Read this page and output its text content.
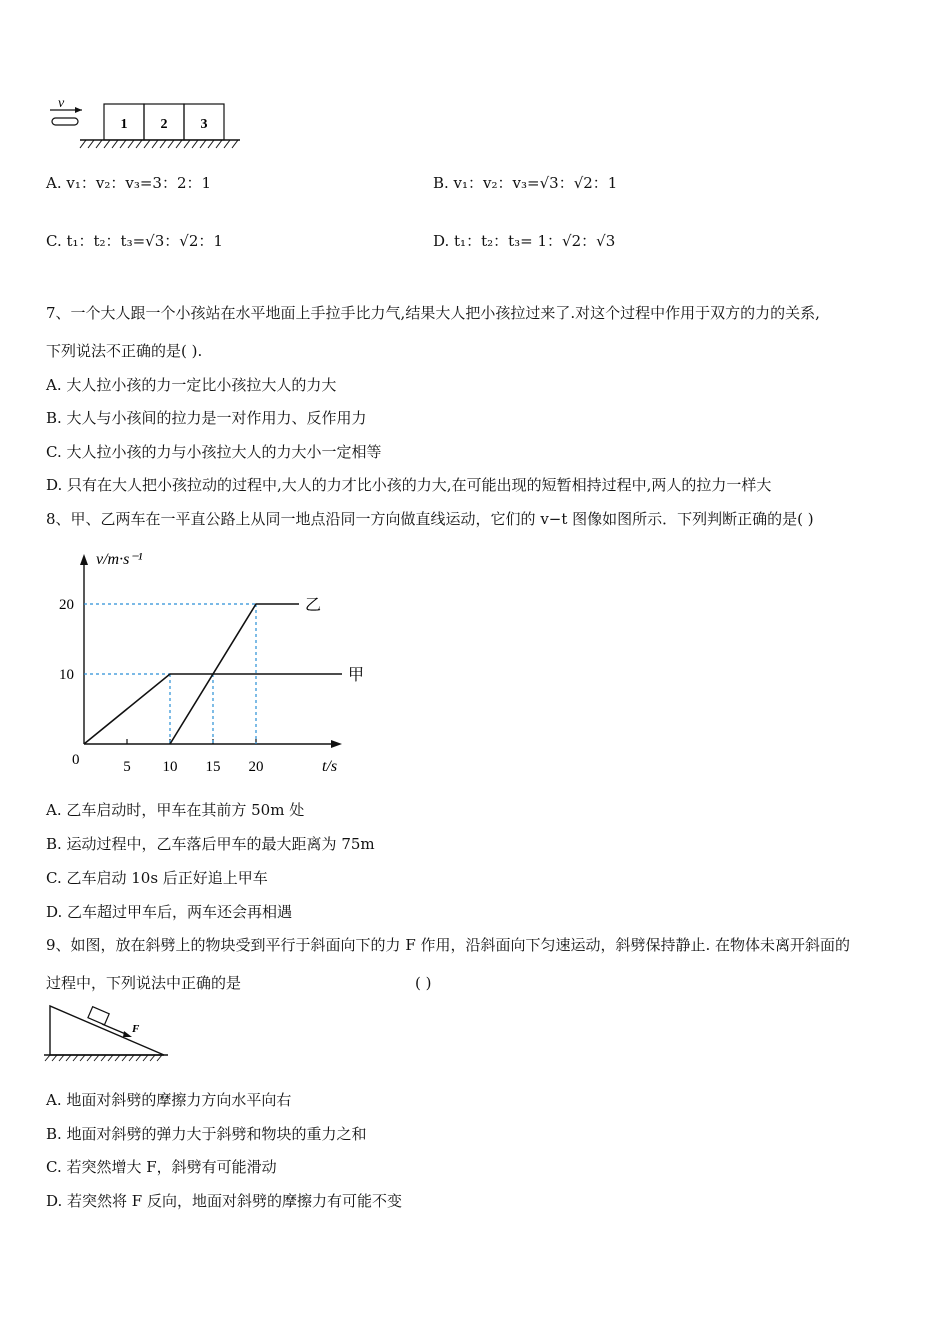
v
1 2 3
A. v₁：v₂：v₃=3：2：1	B. v₁：v₂：v₃=√3：√2：1
C. t₁：t₂：t₃=√3：√2：1	D. t₁：t₂：t₃= 1：√2：√3
7、一个大人跟一个小孩站在水平地面上手拉手比力气,结果大人把小孩拉过来了.对这个过程中作用于双方的力的关系,
下列说法不正确的是( ).
A. 大人拉小孩的力一定比小孩拉大人的力大
B. 大人与小孩间的拉力是一对作用力、反作用力
C. 大人拉小孩的力与小孩拉大人的力大小一定相等
D. 只有在大人把小孩拉动的过程中,大人的力才比小孩的力大,在可能出现的短暂相持过程中,两人的拉力一样大
8、甲、乙两车在一平直公路上从同一地点沿同一方向做直线运动，它们的 v−t 图像如图所示．下列判断正确的是( )
v/m·s⁻¹
t/s
0	5 10 15 20
10
20
甲
乙
A. 乙车启动时，甲车在其前方 50m 处
B. 运动过程中，乙车落后甲车的最大距离为 75m
C. 乙车启动 10s 后正好追上甲车
D. 乙车超过甲车后，两车还会再相遇
9、如图，放在斜劈上的物块受到平行于斜面向下的力 F 作用，沿斜面向下匀速运动，斜劈保持静止. 在物体未离开斜面的
过程中，下列说法中正确的是	( )
F
A. 地面对斜劈的摩擦力方向水平向右
B. 地面对斜劈的弹力大于斜劈和物块的重力之和
C. 若突然增大 F，斜劈有可能滑动
D. 若突然将 F 反向，地面对斜劈的摩擦力有可能不变
